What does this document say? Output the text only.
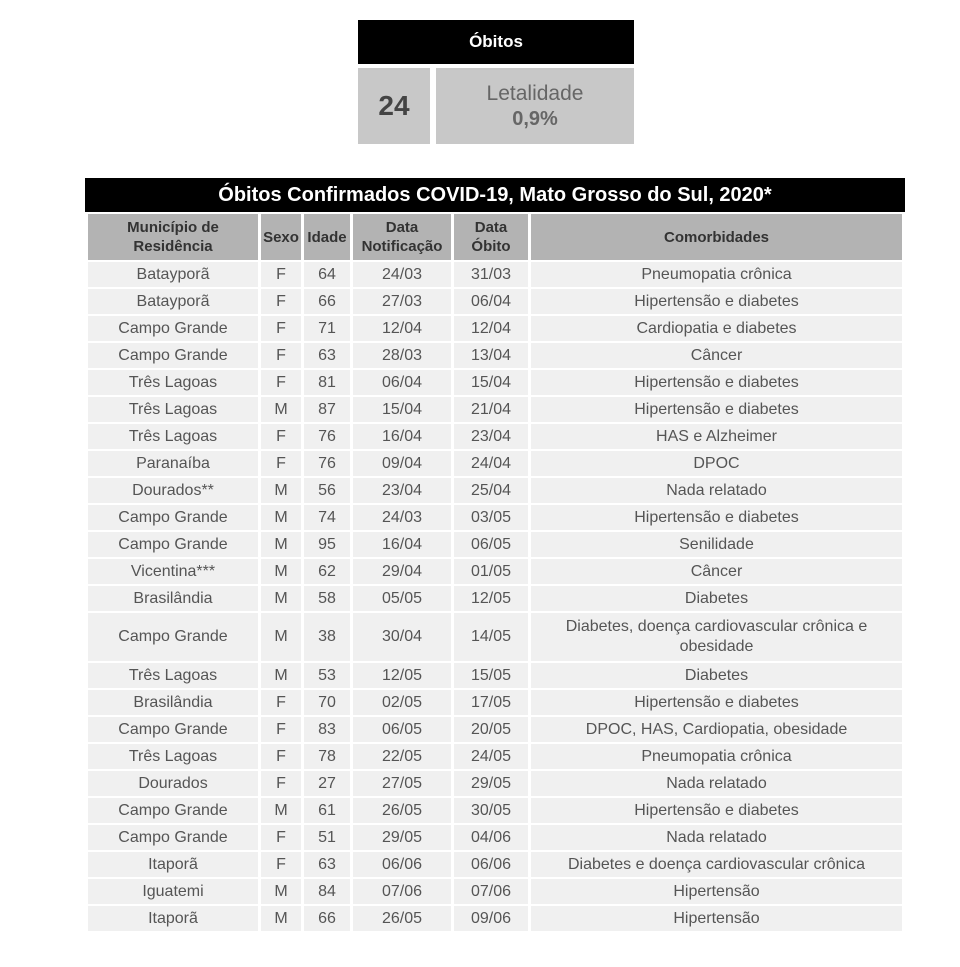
Óbitos
24	Letalidade
0,9%
Óbitos Confirmados COVID-19, Mato Grosso do Sul, 2020*
Município de Residência	Sexo	Idade	Data Notificação	Data Óbito	Comorbidades
Batayporã	F	64	24/03	31/03	Pneumopatia crônica
Batayporã	F	66	27/03	06/04	Hipertensão e diabetes
Campo Grande	F	71	12/04	12/04	Cardiopatia e diabetes
Campo Grande	F	63	28/03	13/04	Câncer
Três Lagoas	F	81	06/04	15/04	Hipertensão e diabetes
Três Lagoas	M	87	15/04	21/04	Hipertensão e diabetes
Três Lagoas	F	76	16/04	23/04	HAS e Alzheimer
Paranaíba	F	76	09/04	24/04	DPOC
Dourados**	M	56	23/04	25/04	Nada relatado
Campo Grande	M	74	24/03	03/05	Hipertensão e diabetes
Campo Grande	M	95	16/04	06/05	Senilidade
Vicentina***	M	62	29/04	01/05	Câncer
Brasilândia	M	58	05/05	12/05	Diabetes
Campo Grande	M	38	30/04	14/05	Diabetes, doença cardiovascular crônica e obesidade
Três Lagoas	M	53	12/05	15/05	Diabetes
Brasilândia	F	70	02/05	17/05	Hipertensão e diabetes
Campo Grande	F	83	06/05	20/05	DPOC, HAS, Cardiopatia, obesidade
Três Lagoas	F	78	22/05	24/05	Pneumopatia crônica
Dourados	F	27	27/05	29/05	Nada relatado
Campo Grande	M	61	26/05	30/05	Hipertensão e diabetes
Campo Grande	F	51	29/05	04/06	Nada relatado
Itaporã	F	63	06/06	06/06	Diabetes e doença cardiovascular crônica
Iguatemi	M	84	07/06	07/06	Hipertensão
Itaporã	M	66	26/05	09/06	Hipertensão
